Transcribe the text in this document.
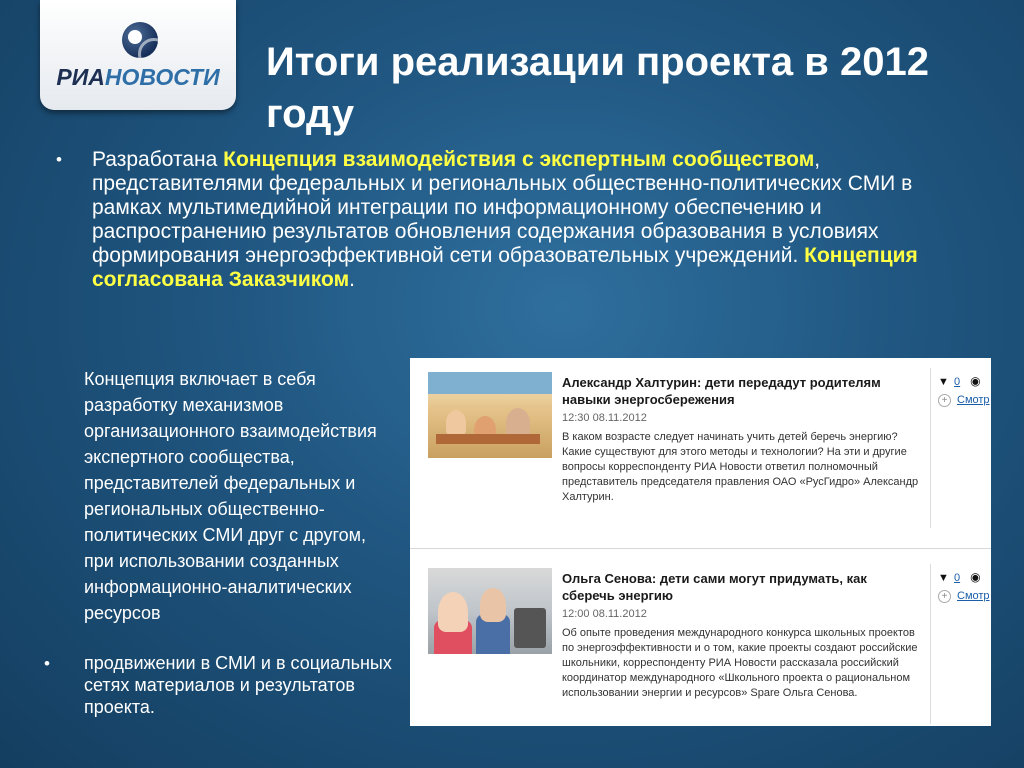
РИАНОВОСТИ Итоги реализации проекта в 2012 году
• Разработана Концепция взаимодействия с экспертным сообществом, представителями федеральных и региональных общественно-политических СМИ в рамках мультимедийной интеграции по информационному обеспечению и распространению результатов обновления содержания образования в условиях формирования энергоэффективной сети образовательных учреждений. Концепция согласована Заказчиком.
Концепция включает в себя разработку механизмов организационного взаимодействия экспертного сообщества, представителей федеральных и региональных общественно-политических СМИ друг с другом, при использовании созданных информационно-аналитических ресурсов
• продвижении в СМИ и в социальных сетях материалов и результатов проекта.
Александр Халтурин: дети передадут родителям навыки энергосбережения
12:30 08.11.2012
В каком возрасте следует начинать учить детей беречь энергию? Какие существуют для этого методы и технологии? На эти и другие вопросы корреспонденту РИА Новости ответил полномочный представитель председателя правления ОАО «РусГидро» Александр Халтурин.
▼ 0 ◉
+ Смотр
Ольга Сенова: дети сами могут придумать, как сберечь энергию
12:00 08.11.2012
Об опыте проведения международного конкурса школьных проектов по энергоэффективности и о том, какие проекты создают российские школьники, корреспонденту РИА Новости рассказала российский координатор международного «Школьного проекта о рациональном использовании энергии и ресурсов» Spare Ольга Сенова.
▼ 0 ◉
+ Смотр
